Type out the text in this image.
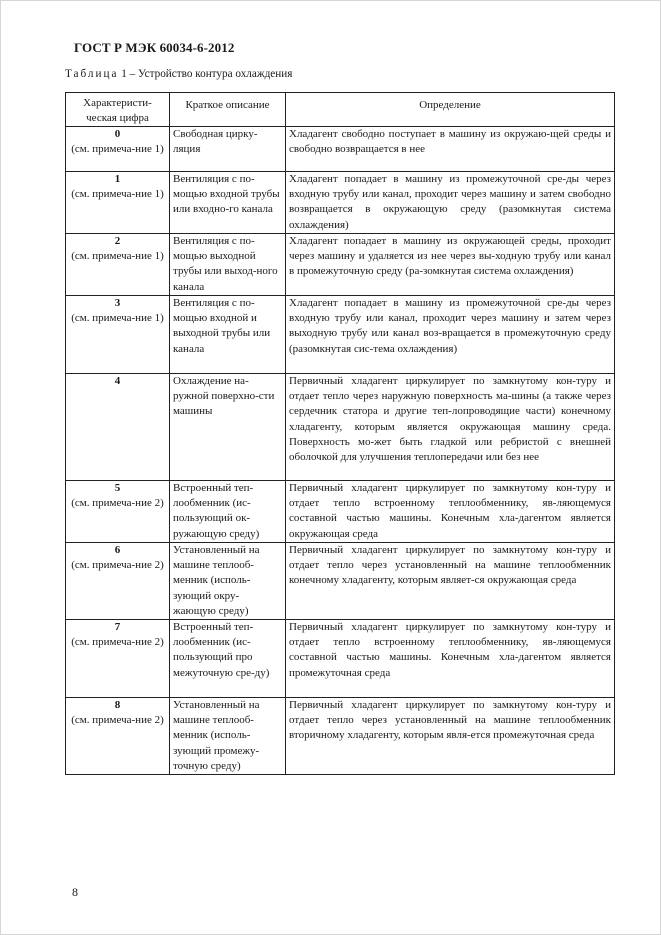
ГОСТ Р МЭК 60034-6-2012
Таблица 1 – Устройство контура охлаждения
Характеристи-ческая цифра	Краткое описание	Определение

0
(см. примеча-ние 1)	Свободная цирку-ляция	Хладагент свободно поступает в машину из окружаю-щей среды и свободно возвращается в нее

1
(см. примеча-ние 1)	Вентиляция с по-мощью входной трубы или входно-го канала	Хладагент попадает в машину из промежуточной сре-ды через входную трубу или канал, проходит через машину и затем свободно возвращается в окружающую среду (разомкнутая система охлаждения)

2
(см. примеча-ние 1)	Вентиляция с по-мощью выходной трубы или выход-ного канала	Хладагент попадает в машину из окружающей среды, проходит через машину и удаляется из нее через вы-ходную трубу или канал в промежуточную среду (ра-зомкнутая система охлаждения)

3
(см. примеча-ние 1)	Вентиляция с по-мощью входной и выходной трубы или канала	Хладагент попадает в машину из промежуточной сре-ды через входную трубу или канал, проходит через машину и затем через выходную трубу или канал воз-вращается в промежуточную среду (разомкнутая сис-тема охлаждения)

4	Охлаждение на-ружной поверхно-сти машины	Первичный хладагент циркулирует по замкнутому кон-туру и отдает тепло через наружную поверхность ма-шины (а также через сердечник статора и другие теп-лопроводящие части) конечному хладагенту, которым является окружающая машину среда. Поверхность мо-жет быть гладкой или ребристой с внешней оболочкой для улучшения теплопередачи или без нее

5
(см. примеча-ние 2)	Встроенный теп-лообменник (ис-пользующий ок-ружающую среду)	Первичный хладагент циркулирует по замкнутому кон-туру и отдает тепло встроенному теплообменнику, яв-ляющемуся составной частью машины. Конечным хла-дагентом является окружающая среда

6
(см. примеча-ние 2)	Установленный на машине теплооб-менник (исполь-зующий окру-жающую среду)	Первичный хладагент циркулирует по замкнутому кон-туру и отдает тепло через установленный на машине теплообменник конечному хладагенту, которым являет-ся окружающая среда

7
(см. примеча-ние 2)	Встроенный теп-лообменник (ис-пользующий про межуточную сре-ду)	Первичный хладагент циркулирует по замкнутому кон-туру и отдает тепло встроенному теплообменнику, яв-ляющемуся составной частью машины. Конечным хла-дагентом является промежуточная среда

8
(см. примеча-ние 2)	Установленный на машине теплооб-менник (исполь-зующий промежу-точную среду)	Первичный хладагент циркулирует по замкнутому кон-туру и отдает тепло через установленный на машине теплообменник вторичному хладагенту, которым явля-ется промежуточная среда
8
